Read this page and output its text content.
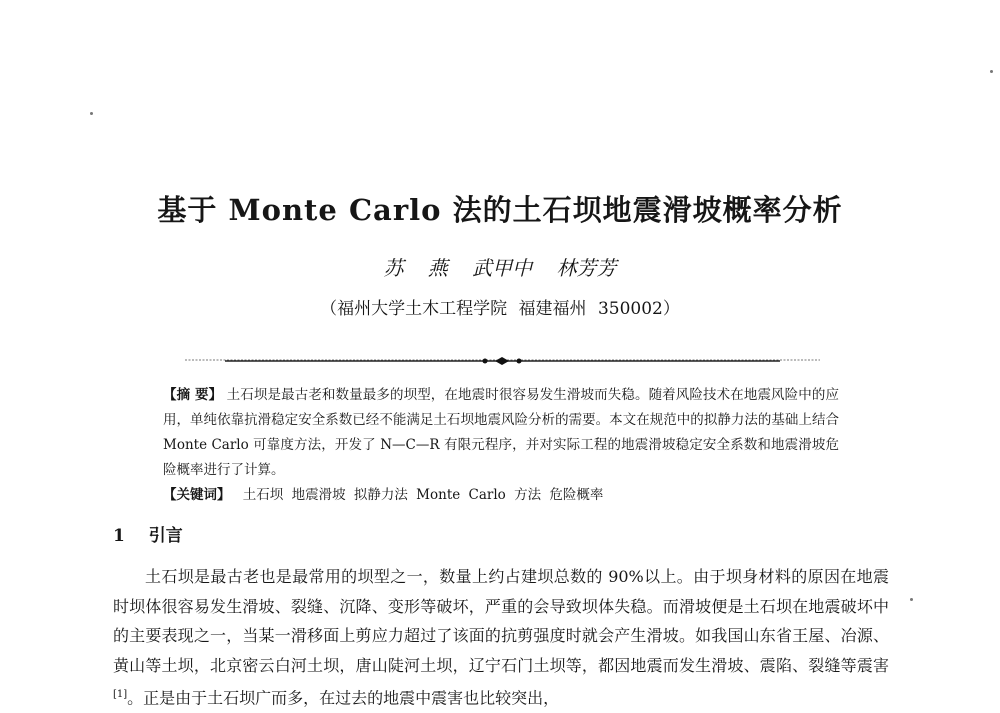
基于 Monte Carlo 法的土石坝地震滑坡概率分析
苏 燕 武甲中 林芳芳
（福州大学土木工程学院 福建福州 350002）
【摘 要】 土石坝是最古老和数量最多的坝型，在地震时很容易发生滑坡而失稳。随着风险技术在地震风险中的应用，单纯依靠抗滑稳定安全系数已经不能满足土石坝地震风险分析的需要。本文在规范中的拟静力法的基础上结合 Monte Carlo 可靠度方法，开发了 N—C—R 有限元程序，并对实际工程的地震滑坡稳定安全系数和地震滑坡危险概率进行了计算。
【关键词】 土石坝 地震滑坡 拟静力法 Monte Carlo 方法 危险概率
1 引言

土石坝是最古老也是最常用的坝型之一，数量上约占建坝总数的 90%以上。由于坝身材料的原因在地震时坝体很容易发生滑坡、裂缝、沉降、变形等破坏，严重的会导致坝体失稳。而滑坡便是土石坝在地震破坏中的主要表现之一，当某一滑移面上剪应力超过了该面的抗剪强度时就会产生滑坡。如我国山东省王屋、冶源、黄山等土坝，北京密云白河土坝，唐山陡河土坝，辽宁石门土坝等，都因地震而发生滑坡、震陷、裂缝等震害[1]。正是由于土石坝广而多，在过去的地震中震害也比较突出，
